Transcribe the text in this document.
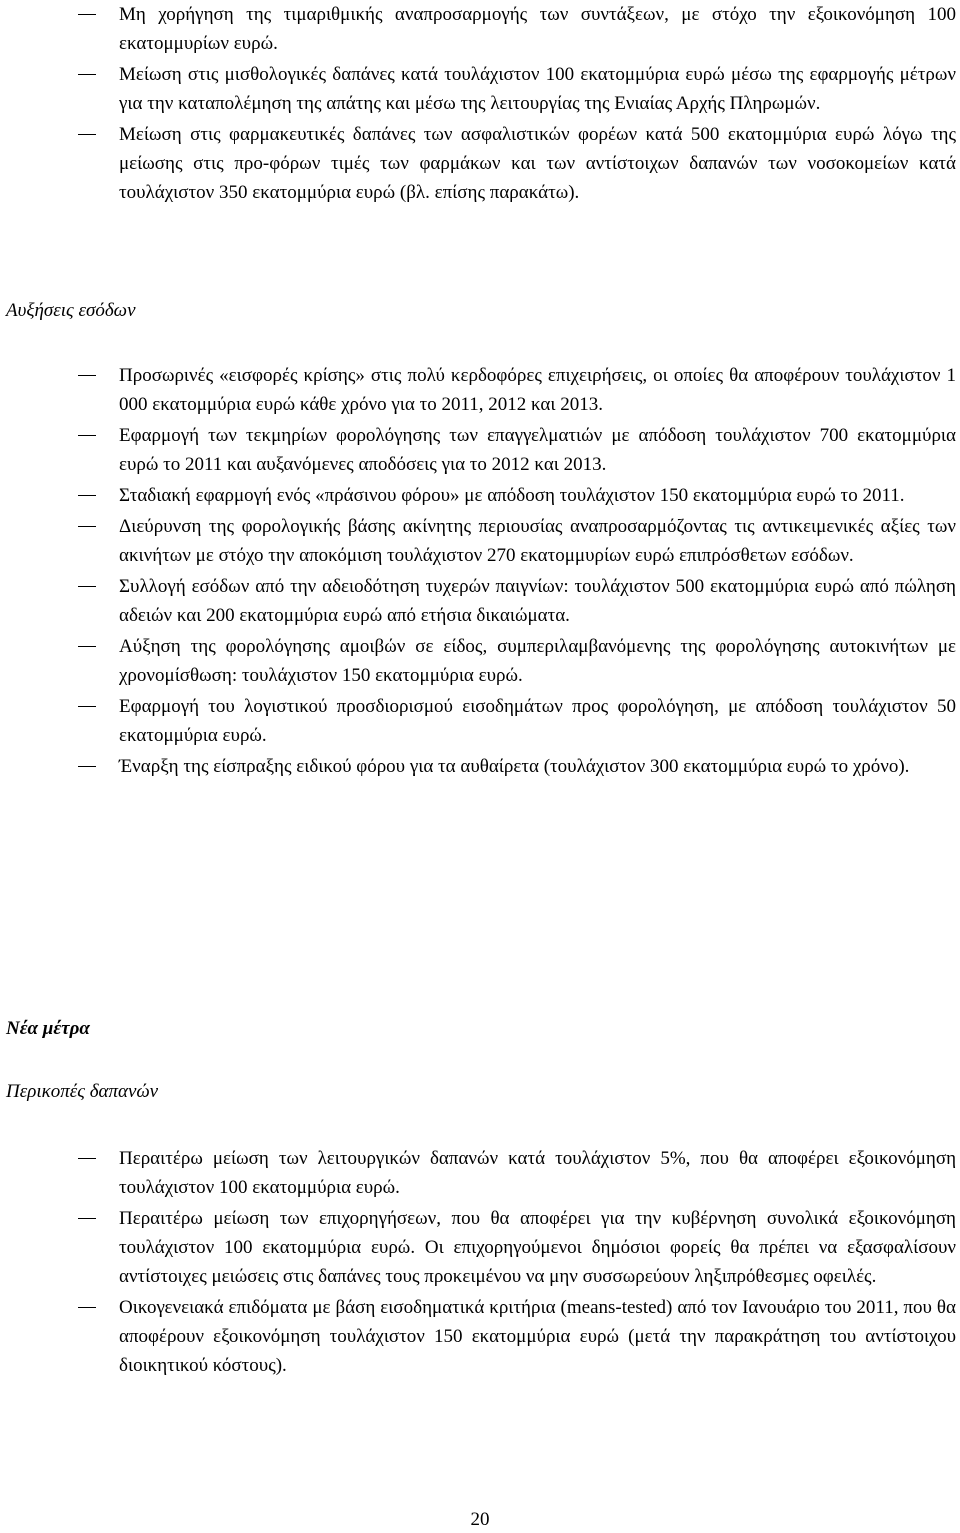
Μη χορήγηση της τιμαριθμικής αναπροσαρμογής των συντάξεων, με στόχο την εξοικονόμηση 100 εκατομμυρίων ευρώ.
Μείωση στις μισθολογικές δαπάνες κατά τουλάχιστον 100 εκατομμύρια ευρώ μέσω της εφαρμογής μέτρων για την καταπολέμηση της απάτης και μέσω της λειτουργίας της Ενιαίας Αρχής Πληρωμών.
Μείωση στις φαρμακευτικές δαπάνες των ασφαλιστικών φορέων κατά 500 εκατομμύρια ευρώ λόγω της μείωσης στις προ-φόρων τιμές των φαρμάκων και των αντίστοιχων δαπανών των νοσοκομείων κατά τουλάχιστον 350 εκατομμύρια ευρώ (βλ. επίσης παρακάτω).
Αυξήσεις εσόδων
Προσωρινές «εισφορές κρίσης» στις πολύ κερδοφόρες επιχειρήσεις, οι οποίες θα αποφέρουν τουλάχιστον 1 000 εκατομμύρια ευρώ κάθε χρόνο για το 2011, 2012 και 2013.
Εφαρμογή των τεκμηρίων φορολόγησης των επαγγελματιών με απόδοση τουλάχιστον 700 εκατομμύρια ευρώ το 2011 και αυξανόμενες αποδόσεις για το 2012 και 2013.
Σταδιακή εφαρμογή ενός «πράσινου φόρου» με απόδοση τουλάχιστον 150 εκατομμύρια ευρώ το 2011.
Διεύρυνση της φορολογικής βάσης ακίνητης περιουσίας αναπροσαρμόζοντας τις αντικειμενικές αξίες των ακινήτων με στόχο την αποκόμιση τουλάχιστον 270 εκατομμυρίων ευρώ επιπρόσθετων εσόδων.
Συλλογή εσόδων από την αδειοδότηση τυχερών παιγνίων: τουλάχιστον 500 εκατομμύρια ευρώ από πώληση αδειών και 200 εκατομμύρια ευρώ από ετήσια δικαιώματα.
Αύξηση της φορολόγησης αμοιβών σε είδος, συμπεριλαμβανόμενης της φορολόγησης αυτοκινήτων με χρονομίσθωση: τουλάχιστον 150 εκατομμύρια ευρώ.
Εφαρμογή του λογιστικού προσδιορισμού εισοδημάτων προς φορολόγηση, με απόδοση τουλάχιστον 50 εκατομμύρια ευρώ.
Έναρξη της είσπραξης ειδικού φόρου για τα αυθαίρετα (τουλάχιστον 300 εκατομμύρια ευρώ το χρόνο).
Νέα μέτρα
Περικοπές δαπανών
Περαιτέρω μείωση των λειτουργικών δαπανών κατά τουλάχιστον 5%, που θα αποφέρει εξοικονόμηση τουλάχιστον 100 εκατομμύρια ευρώ.
Περαιτέρω μείωση των επιχορηγήσεων, που θα αποφέρει για την κυβέρνηση συνολικά εξοικονόμηση τουλάχιστον 100 εκατομμύρια ευρώ. Οι επιχορηγούμενοι δημόσιοι φορείς θα πρέπει να εξασφαλίσουν αντίστοιχες μειώσεις στις δαπάνες τους προκειμένου να μην συσσωρεύουν ληξιπρόθεσμες οφειλές.
Οικογενειακά επιδόματα με βάση εισοδηματικά κριτήρια (means-tested) από τον Ιανουάριο του 2011, που θα αποφέρουν εξοικονόμηση τουλάχιστον 150 εκατομμύρια ευρώ (μετά την παρακράτηση του αντίστοιχου διοικητικού κόστους).
20
